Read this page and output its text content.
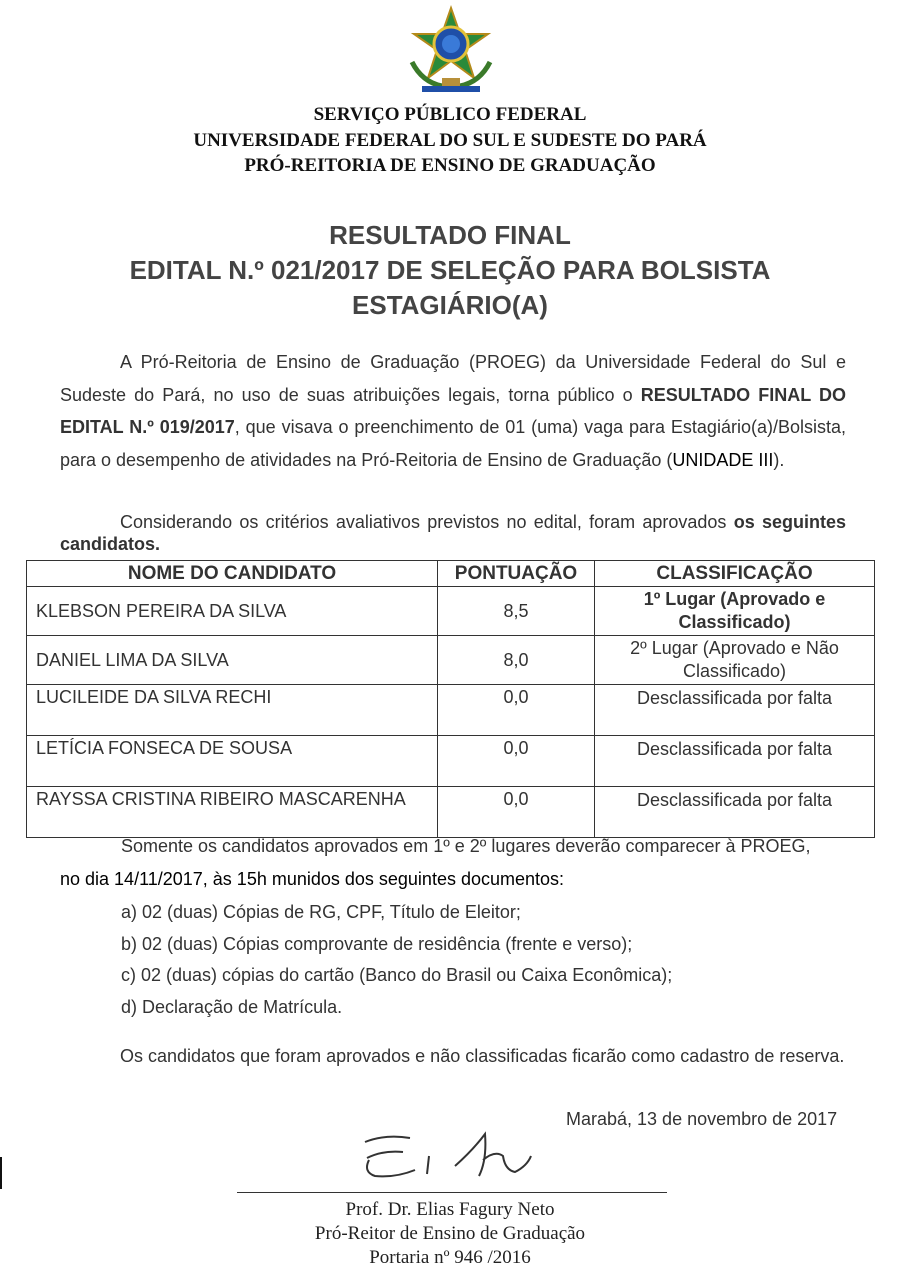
SERVIÇO PÚBLICO FEDERAL
UNIVERSIDADE FEDERAL DO SUL E SUDESTE DO PARÁ
PRÓ-REITORIA DE ENSINO DE GRADUAÇÃO
RESULTADO FINAL
EDITAL N.º 021/2017 DE SELEÇÃO PARA BOLSISTA
ESTAGIÁRIO(A)
A Pró-Reitoria de Ensino de Graduação (PROEG) da Universidade Federal do Sul e Sudeste do Pará, no uso de suas atribuições legais, torna público o RESULTADO FINAL DO EDITAL N.º 019/2017, que visava o preenchimento de 01 (uma) vaga para Estagiário(a)/Bolsista, para o desempenho de atividades na Pró-Reitoria de Ensino de Graduação (UNIDADE III).
Considerando os critérios avaliativos previstos no edital, foram aprovados os seguintes candidatos.
NOME DO CANDIDATO	PONTUAÇÃO	CLASSIFICAÇÃO
KLEBSON PEREIRA DA SILVA	8,5	1º Lugar (Aprovado e Classificado)
DANIEL LIMA DA SILVA	8,0	2º Lugar (Aprovado e Não Classificado)
LUCILEIDE DA SILVA RECHI	0,0	Desclassificada por falta
LETÍCIA FONSECA DE SOUSA	0,0	Desclassificada por falta
RAYSSA CRISTINA RIBEIRO MASCARENHA	0,0	Desclassificada por falta
Somente os candidatos aprovados em 1º e 2º lugares deverão comparecer à PROEG,
no dia 14/11/2017, às 15h munidos dos seguintes documentos:
a) 02 (duas) Cópias de RG, CPF, Título de Eleitor;
b) 02 (duas) Cópias comprovante de residência (frente e verso);
c) 02 (duas) cópias do cartão (Banco do Brasil ou Caixa Econômica);
d) Declaração de Matrícula.
Os candidatos que foram aprovados e não classificadas ficarão como cadastro de reserva.
Marabá, 13 de novembro de 2017
Prof. Dr. Elias Fagury Neto
Pró-Reitor de Ensino de Graduação
Portaria nº 946 /2016
